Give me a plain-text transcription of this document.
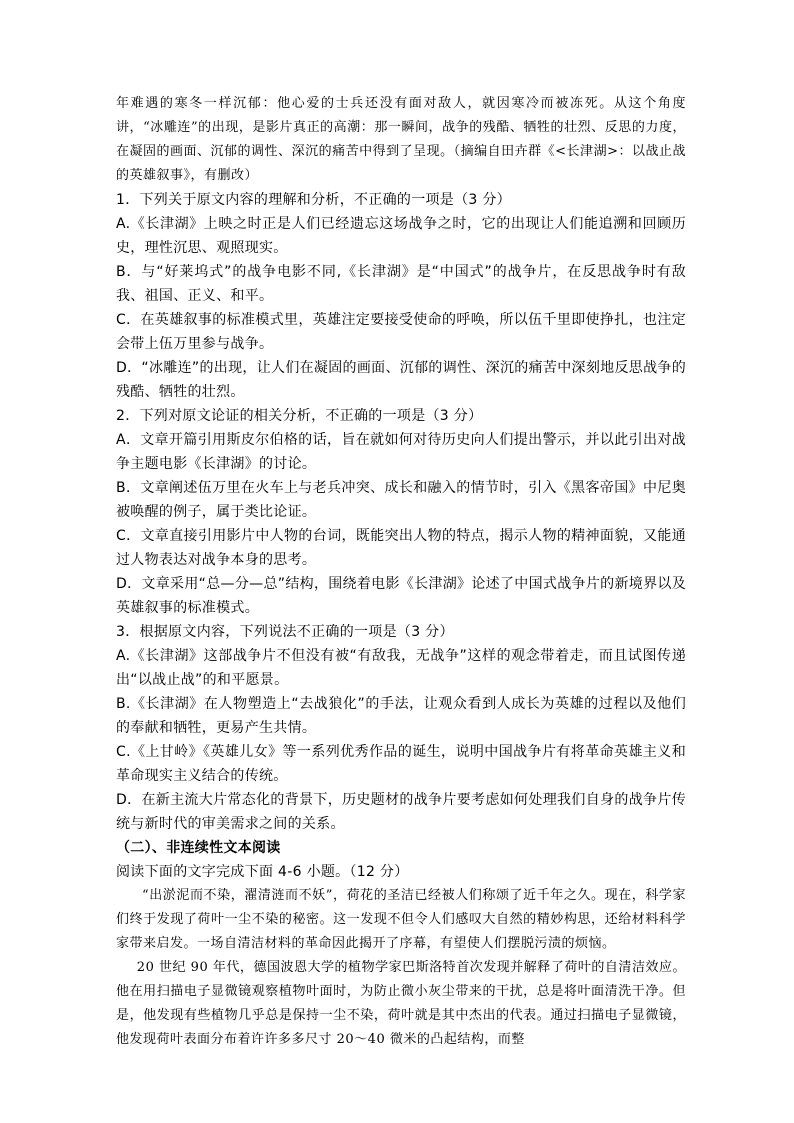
年难遇的寒冬一样沉郁：他心爱的士兵还没有面对敌人，就因寒冷而被冻死。从这个角度讲，“冰雕连”的出现，是影片真正的高潮：那一瞬间，战争的残酷、牺牲的壮烈、反思的力度，在凝固的画面、沉郁的调性、深沉的痛苦中得到了呈现。（摘编自田卉群《<长津湖>：以战止战的英雄叙事》，有删改）

1．下列关于原文内容的理解和分析，不正确的一项是（3 分）

A.《长津湖》上映之时正是人们已经遗忘这场战争之时，它的出现让人们能追溯和回顾历史，理性沉思、观照现实。

B．与“好莱坞式”的战争电影不同,《长津湖》是“中国式”的战争片，在反思战争时有敌我、祖国、正义、和平。

C．在英雄叙事的标准模式里，英雄注定要接受使命的呼唤，所以伍千里即使挣扎，也注定会带上伍万里参与战争。

D．“冰雕连”的出现，让人们在凝固的画面、沉郁的调性、深沉的痛苦中深刻地反思战争的残酷、牺牲的壮烈。

2．下列对原文论证的相关分析，不正确的一项是（3 分）

A．文章开篇引用斯皮尔伯格的话，旨在就如何对待历史向人们提出警示，并以此引出对战争主题电影《长津湖》的讨论。

B．文章阐述伍万里在火车上与老兵冲突、成长和融入的情节时，引入《黑客帝国》中尼奥被唤醒的例子，属于类比论证。

C．文章直接引用影片中人物的台词，既能突出人物的特点，揭示人物的精神面貌，又能通过人物表达对战争本身的思考。

D．文章采用“总—分—总”结构，围绕着电影《长津湖》论述了中国式战争片的新境界以及英雄叙事的标准模式。

3．根据原文内容，下列说法不正确的一项是（3 分）

A.《长津湖》这部战争片不但没有被“有敌我，无战争”这样的观念带着走，而且试图传递出“以战止战”的和平愿景。

B.《长津湖》在人物塑造上“去战狼化”的手法，让观众看到人成长为英雄的过程以及他们的奉献和牺牲，更易产生共情。

C.《上甘岭》《英雄儿女》等一系列优秀作品的诞生，说明中国战争片有将革命英雄主义和革命现实主义结合的传统。

D．在新主流大片常态化的背景下，历史题材的战争片要考虑如何处理我们自身的战争片传统与新时代的审美需求之间的关系。

（二）、非连续性文本阅读

阅读下面的文字完成下面 4-6 小题。（12 分）

“出淤泥而不染，濯清涟而不妖”，荷花的圣洁已经被人们称颂了近千年之久。现在，科学家们终于发现了荷叶一尘不染的秘密。这一发现不但令人们感叹大自然的精妙构思，还给材料科学家带来启发。一场自清洁材料的革命因此揭开了序幕，有望使人们摆脱污渍的烦恼。

20 世纪 90 年代，德国波恩大学的植物学家巴斯洛特首次发现并解释了荷叶的自清洁效应。他在用扫描电子显微镜观察植物叶面时，为防止微小灰尘带来的干扰，总是将叶面清洗干净。但是，他发现有些植物几乎总是保持一尘不染，荷叶就是其中杰出的代表。通过扫描电子显微镜，他发现荷叶表面分布着许许多多尺寸 20～40 微米的凸起结构，而整
